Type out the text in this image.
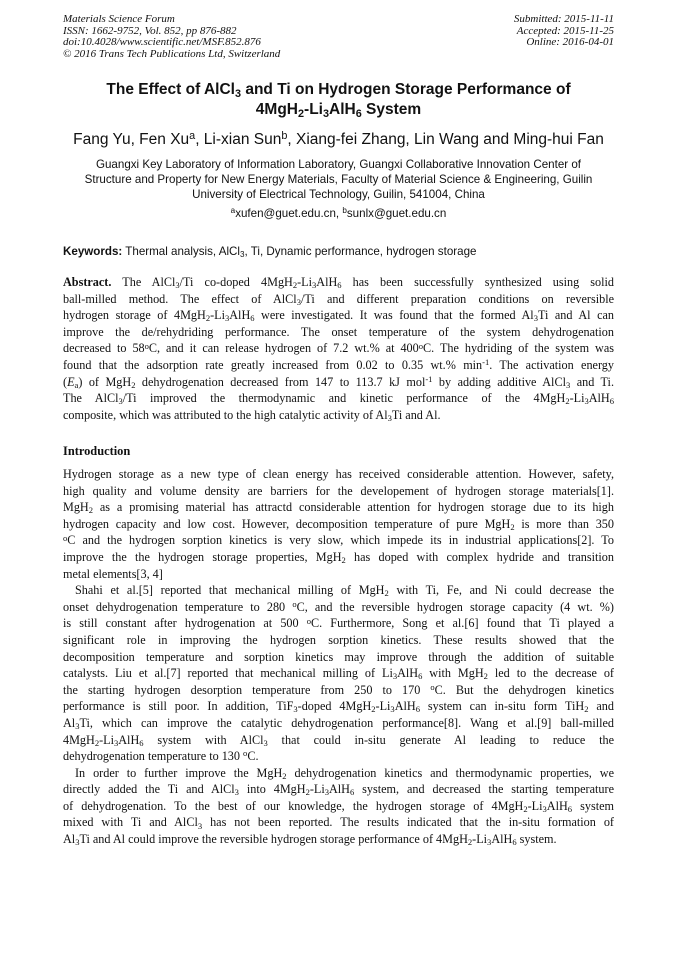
Materials Science Forum
ISSN: 1662-9752, Vol. 852, pp 876-882
doi:10.4028/www.scientific.net/MSF.852.876
© 2016 Trans Tech Publications Ltd, Switzerland
Submitted: 2015-11-11
Accepted: 2015-11-25
Online: 2016-04-01
The Effect of AlCl$_3$ and Ti on Hydrogen Storage Performance of
$4MgH_2-Li_3AlH_6$ System
Fang Yu, Fen Xu$^a$, Li-xian Sun$^b$, Xiang-fei Zhang, Lin Wang and Ming-hui Fan
Guangxi Key Laboratory of Information Laboratory, Guangxi Collaborative Innovation Center of
Structure and Property for New Energy Materials, Faculty of Material Science & Engineering, Guilin
University of Electrical Technology, Guilin, 541004, China
$^a$xufen@guet.edu.cn, $^b$sunlx@guet.edu.cn
Keywords: Thermal analysis, AlCl$_3$, Ti, Dynamic performance, hydrogen storage
Abstract. The AlCl$_3$/Ti co-doped $4MgH_2-Li_3AlH_6$ has been successfully synthesized using solid
ball-milled method. The effect of AlCl$_3$/Ti and different preparation conditions on reversible
hydrogen storage of $4MgH_2-Li_3AlH_6$ were investigated. It was found that the formed $Al_3Ti$ and Al can
improve the de/rehydriding performance. The onset temperature of the system dehydrogenation
decreased to 58$^o$C, and it can release hydrogen of 7.2 wt.% at 400$^o$C. The hydriding of the system was
found that the adsorption rate greatly increased from 0.02 to 0.35 wt.% $\min^{-1}$. The activation energy
$(E_a)$ of MgH$_2$ dehydrogenation decreased from 147 to 113.7 kJ mol$^{-1}$ by adding additive AlCl$_3$ and Ti.
The AlCl$_3$/Ti improved the thermodynamic and kinetic performance of the $4MgH_2-Li_3AlH_6$
composite, which was attributed to the high catalytic activity of $Al_3Ti$ and Al.
Introduction
Hydrogen storage as a new type of clean energy has received considerable attention. However, safety,
high quality and volume density are barriers for the developement of hydrogen storage materials[1].
MgH$_2$ as a promising material has attractd considerable attention for hydrogen storage due to its high
hydrogen capacity and low cost. However, decomposition temperature of pure MgH$_2$ is more than 350
$^o$C and the hydrogen sorption kinetics is very slow, which impede its in industrial applications[2]. To
improve the the hydrogen storage properties, MgH$_2$ has doped with complex hydride and transition
metal elements[3, 4]
Shahi et al.[5] reported that mechanical milling of MgH$_2$ with Ti, Fe, and Ni could decrease the
onset dehydrogenation temperature to 280 $^o$C, and the reversible hydrogen storage capacity (4 wt. %)
is still constant after hydrogenation at 500 $^o$C. Furthermore, Song et al.[6] found that Ti played a
significant role in improving the hydrogen sorption kinetics. These results showed that the
decomposition temperature and sorption kinetics may improve through the addition of suitable
catalysts. Liu et al.[7] reported that mechanical milling of $Li_3AlH_6$ with MgH$_2$ led to the decrease of
the starting hydrogen desorption temperature from 250 to 170 $^o$C. But the dehydrogen kinetics
performance is still poor. In addition, TiF$_3$-doped $4MgH_2-Li_3AlH_6$ system can in-situ form TiH$_2$ and
$Al_3Ti$, which can improve the catalytic dehydrogenation performance[8]. Wang et al.[9] ball-milled
$4MgH_2-Li_3AlH_6$ system with AlCl$_3$ that could in-situ generate Al leading to reduce the
dehydrogenation temperature to 130 $^o$C.
In order to further improve the MgH$_2$ dehydrogenation kinetics and thermodynamic properties, we
directly added the Ti and AlCl$_3$ into $4MgH_2-Li_3AlH_6$ system, and decreased the starting temperature
of dehydrogenation. To the best of our knowledge, the hydrogen storage of $4MgH_2-Li_3AlH_6$ system
mixed with Ti and AlCl$_3$ has not been reported. The results indicated that the in-situ formation of
$Al_3Ti$ and Al could improve the reversible hydrogen storage performance of $4MgH_2-Li_3AlH_6$ system.
